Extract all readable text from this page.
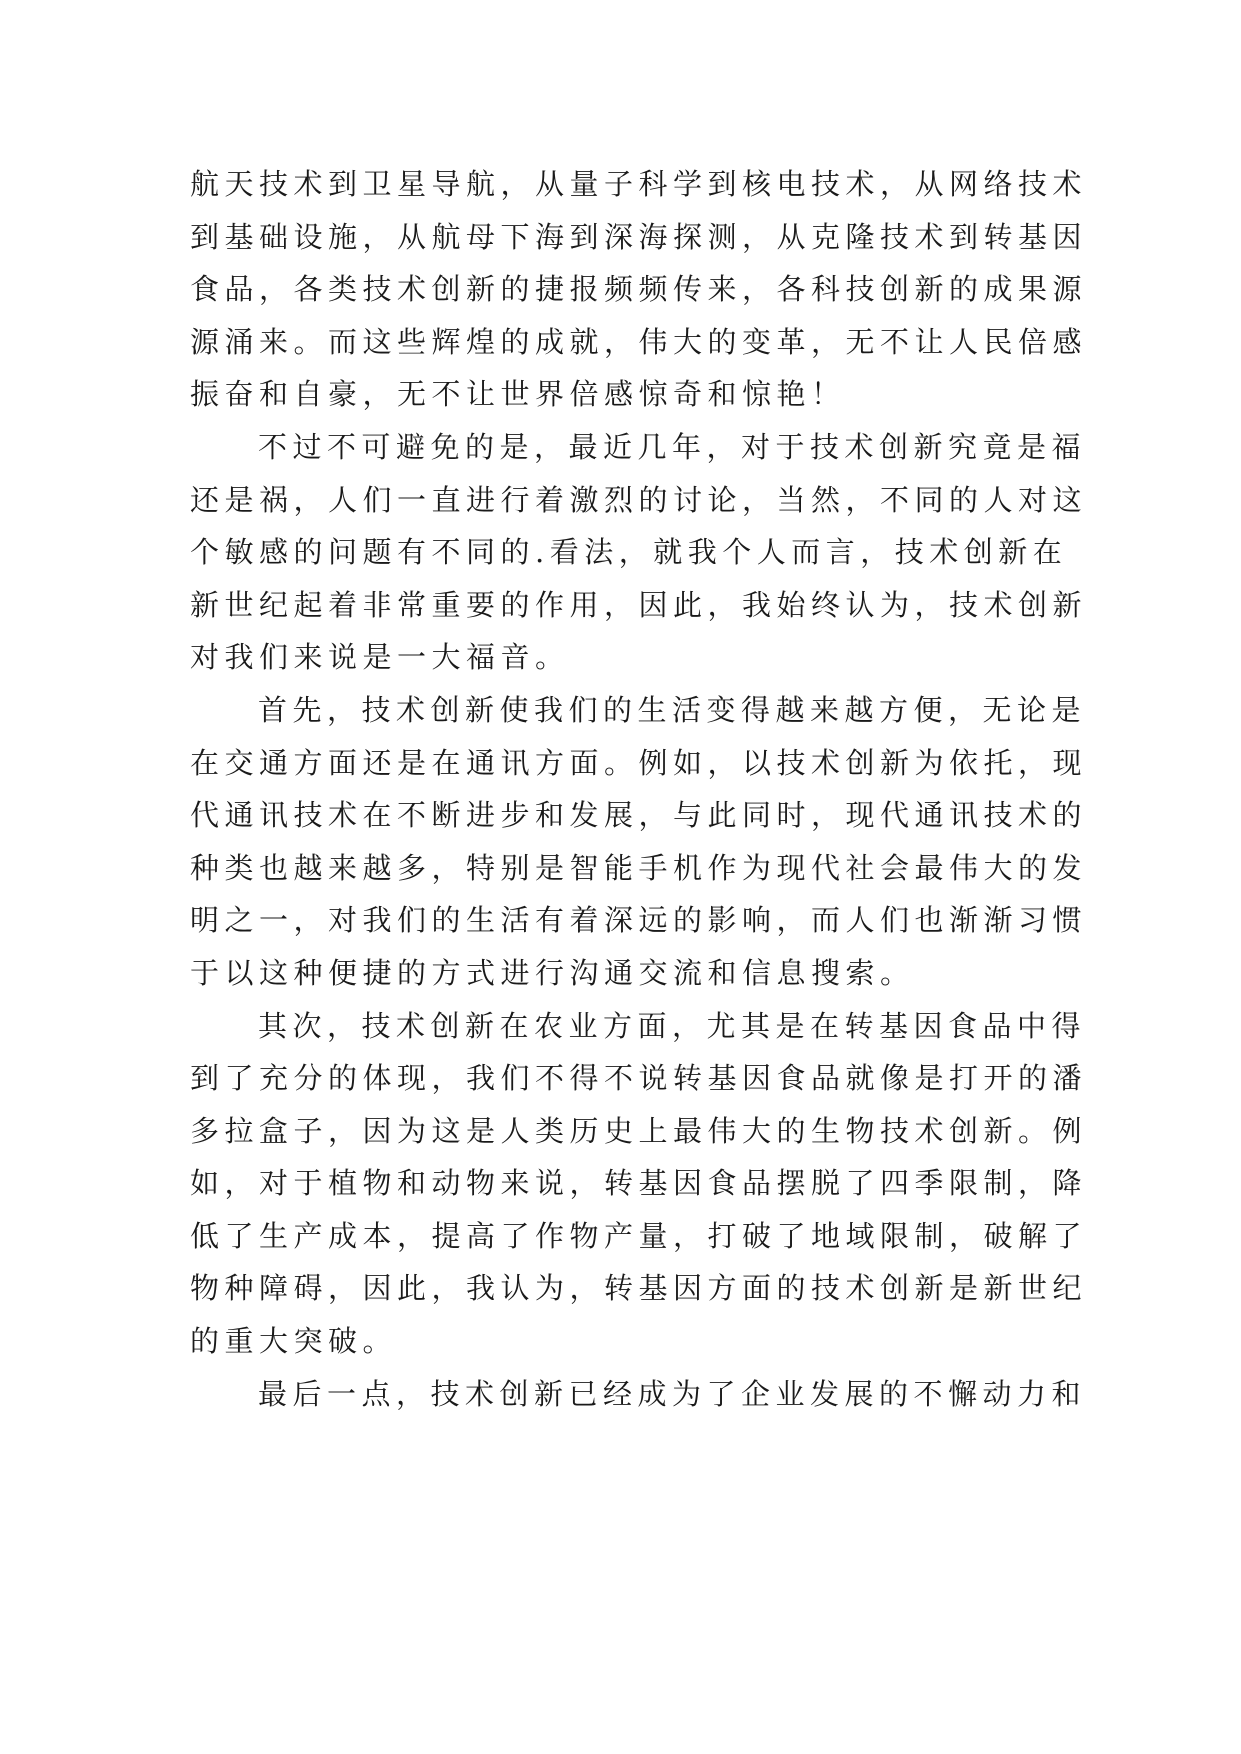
航天技术到卫星导航，从量子科学到核电技术，从网络技术
到基础设施，从航母下海到深海探测，从克隆技术到转基因
食品，各类技术创新的捷报频频传来，各科技创新的成果源
源涌来。而这些辉煌的成就，伟大的变革，无不让人民倍感
振奋和自豪，无不让世界倍感惊奇和惊艳！
不过不可避免的是，最近几年，对于技术创新究竟是福
还是祸，人们一直进行着激烈的讨论，当然，不同的人对这
个敏感的问题有不同的.看法，就我个人而言，技术创新在
新世纪起着非常重要的作用，因此，我始终认为，技术创新
对我们来说是一大福音。
首先，技术创新使我们的生活变得越来越方便，无论是
在交通方面还是在通讯方面。例如，以技术创新为依托，现
代通讯技术在不断进步和发展，与此同时，现代通讯技术的
种类也越来越多，特别是智能手机作为现代社会最伟大的发
明之一，对我们的生活有着深远的影响，而人们也渐渐习惯
于以这种便捷的方式进行沟通交流和信息搜索。
其次，技术创新在农业方面，尤其是在转基因食品中得
到了充分的体现，我们不得不说转基因食品就像是打开的潘
多拉盒子，因为这是人类历史上最伟大的生物技术创新。例
如，对于植物和动物来说，转基因食品摆脱了四季限制，降
低了生产成本，提高了作物产量，打破了地域限制，破解了
物种障碍，因此，我认为，转基因方面的技术创新是新世纪
的重大突破。
最后一点，技术创新已经成为了企业发展的不懈动力和
